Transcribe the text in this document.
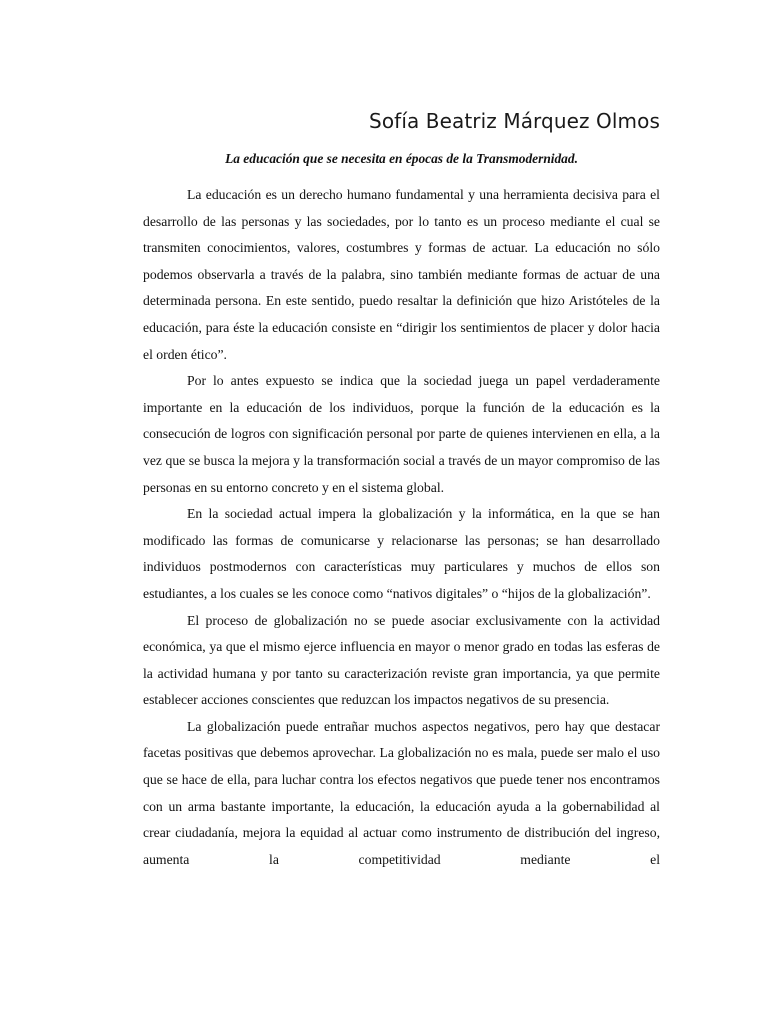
Sofía Beatriz Márquez Olmos
La educación que se necesita en épocas de la Transmodernidad.

La educación es un derecho humano fundamental y una herramienta decisiva para el desarrollo de las personas y las sociedades, por lo tanto es un proceso mediante el cual se transmiten conocimientos, valores, costumbres y formas de actuar. La educación no sólo podemos observarla a través de la palabra, sino también mediante formas de actuar de una determinada persona. En este sentido, puedo resaltar la definición que hizo Aristóteles de la educación, para éste la educación consiste en “dirigir los sentimientos de placer y dolor hacia el orden ético”.

Por lo antes expuesto se indica que la sociedad juega un papel verdaderamente importante en la educación de los individuos, porque la función de la educación es la consecución de logros con significación personal por parte de quienes intervienen en ella, a la vez que se busca la mejora y la transformación social a través de un mayor compromiso de las personas en su entorno concreto y en el sistema global.

En la sociedad actual impera la globalización y la informática, en la que se han modificado las formas de comunicarse y relacionarse las personas; se han desarrollado individuos postmodernos con características muy particulares y muchos de ellos son estudiantes, a los cuales se les conoce como “nativos digitales” o “hijos de la globalización”.

El proceso de globalización no se puede asociar exclusivamente con la actividad económica, ya que el mismo ejerce influencia en mayor o menor grado en todas las esferas de la actividad humana y por tanto su caracterización reviste gran importancia, ya que permite establecer acciones conscientes que reduzcan los impactos negativos de su presencia.

La globalización puede entrañar muchos aspectos negativos, pero hay que destacar facetas positivas que debemos aprovechar. La globalización no es mala, puede ser malo el uso que se hace de ella, para luchar contra los efectos negativos que puede tener nos encontramos con un arma bastante importante, la educación, la educación ayuda a la gobernabilidad al crear ciudadanía, mejora la equidad al actuar como instrumento de distribución del ingreso, aumenta la competitividad mediante el
